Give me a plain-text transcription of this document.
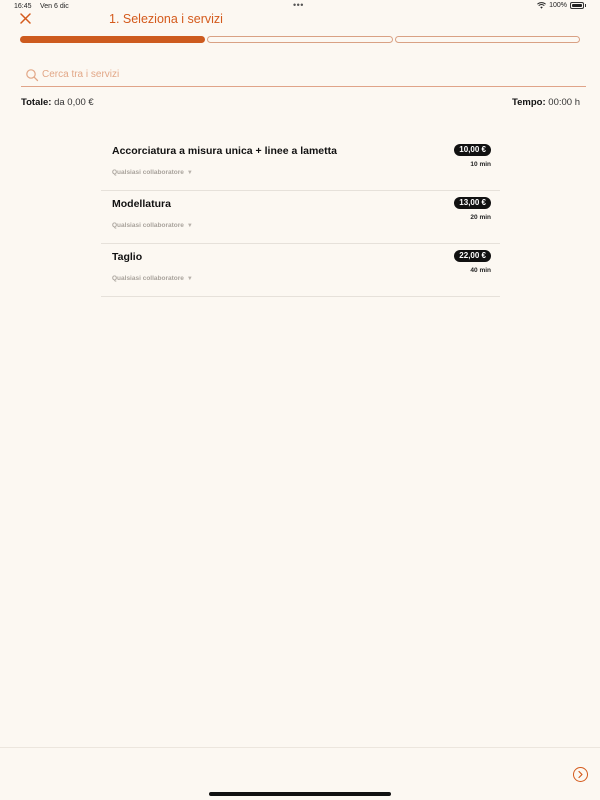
16:45 Ven 6 dic	•••	100%
1. Seleziona i servizi
Cerca tra i servizi
Totale: da 0,00 €	Tempo: 00:00 h
Accorciatura a misura unica + linee a lametta	10,00 €
10 min
Qualsiasi collaboratore ▼
Modellatura	13,00 €
20 min
Qualsiasi collaboratore ▼
Taglio	22,00 €
40 min
Qualsiasi collaboratore ▼
